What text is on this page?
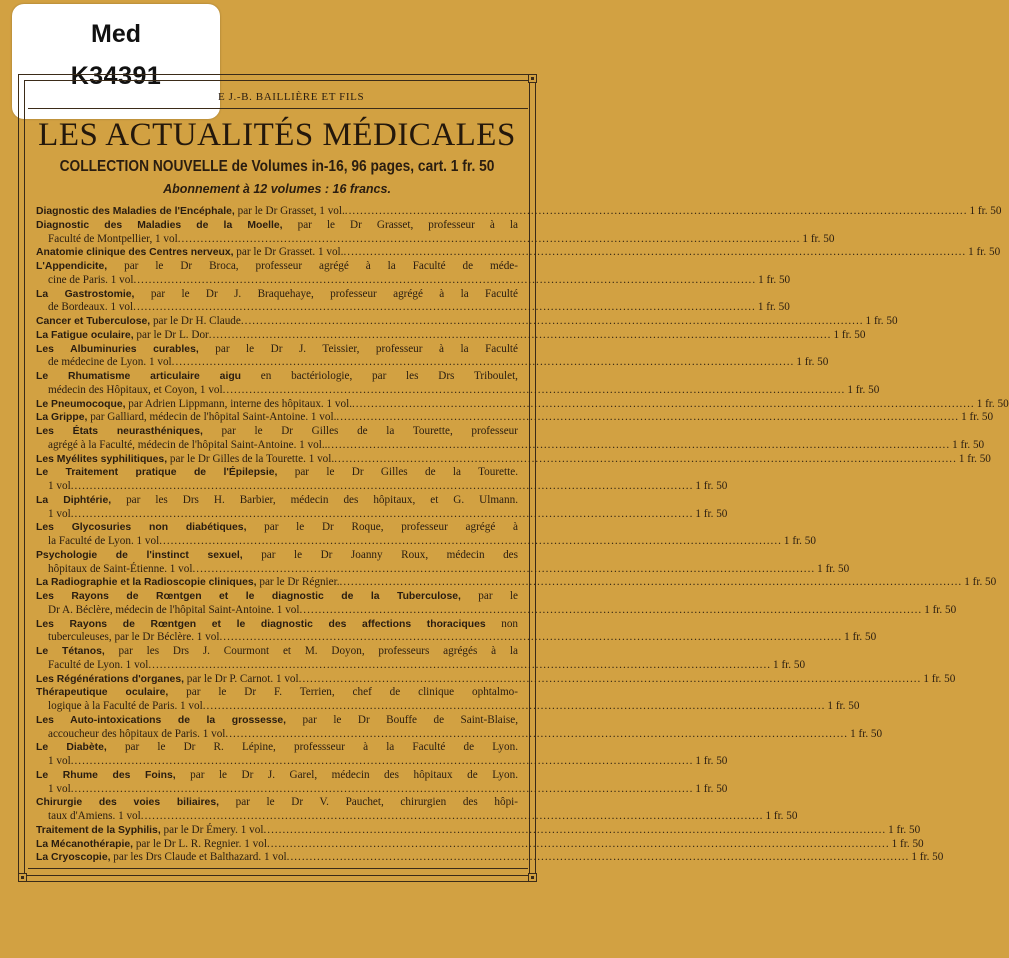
Med
K34391
E J.-B. BAILLIÈRE ET FILS
LES ACTUALITÉS MÉDICALES
COLLECTION NOUVELLE de Volumes in-16, 96 pages, cart. 1 fr. 50
Abonnement à 12 volumes : 16 francs.
Diagnostic des Maladies de l'Encéphale, par le Dr Grasset, 1 vol. .....	1 fr. 50
Diagnostic des Maladies de la Moelle, par le Dr Grasset, professeur à la
Faculté de Montpellier, 1 vol .....	1 fr. 50
Anatomie clinique des Centres nerveux, par le Dr Grasset. 1 vol. .....	1 fr. 50
L'Appendicite, par le Dr Broca, professeur agrégé à la Faculté de méde-
cine de Paris. 1 vol .....	1 fr. 50
La Gastrostomie, par le Dr J. Braquehaye, professeur agrégé à la Faculté
de Bordeaux. 1 vol .....	1 fr. 50
Cancer et Tuberculose, par le Dr H. Claude .....	1 fr. 50
La Fatigue oculaire, par le Dr L. Dor .....	1 fr. 50
Les Albuminuries curables, par le Dr J. Teissier, professeur à la Faculté
de médecine de Lyon. 1 vol .....	1 fr. 50
Le Rhumatisme articulaire aigu en bactériologie, par les Drs Triboulet,
médecin des Hôpitaux, et Coyon, 1 vol .....	1 fr. 50
Le Pneumocoque, par Adrien Lippmann, interne des hôpitaux. 1 vol. .....	1 fr. 50
La Grippe, par Galliard, médecin de l'hôpital Saint-Antoine. 1 vol. .....	1 fr. 50
Les États neurasthéniques, par le Dr Gilles de la Tourette, professeur
agrégé à la Faculté, médecin de l'hôpital Saint-Antoine. 1 vol.. .....	1 fr. 50
Les Myélites syphilitiques, par le Dr Gilles de la Tourette. 1 vol. .....	1 fr. 50
Le Traitement pratique de l'Épilepsie, par le Dr Gilles de la Tourette.
1 vol .....	1 fr. 50
La Diphtérie, par les Drs H. Barbier, médecin des hôpitaux, et G. Ulmann.
1 vol .....	1 fr. 50
Les Glycosuries non diabétiques, par le Dr Roque, professeur agrégé à
la Faculté de Lyon. 1 vol .....	1 fr. 50
Psychologie de l'instinct sexuel, par le Dr Joanny Roux, médecin des
hôpitaux de Saint-Étienne. 1 vol .....	1 fr. 50
La Radiographie et la Radioscopie cliniques, par le Dr Régnier. .....	1 fr. 50
Les Rayons de Rœntgen et le diagnostic de la Tuberculose, par le
Dr A. Béclère, médecin de l'hôpital Saint-Antoine. 1 vol .....	1 fr. 50
Les Rayons de Rœntgen et le diagnostic des affections thoraciques non
tuberculeuses, par le Dr Béclère. 1 vol .....	1 fr. 50
Le Tétanos, par les Drs J. Courmont et M. Doyon, professeurs agrégés à la
Faculté de Lyon. 1 vol .....	1 fr. 50
Les Régénérations d'organes, par le Dr P. Carnot. 1 vol .....	1 fr. 50
Thérapeutique oculaire, par le Dr F. Terrien, chef de clinique ophtalmo-
logique à la Faculté de Paris. 1 vol .....	1 fr. 50
Les Auto-intoxications de la grossesse, par le Dr Bouffe de Saint-Blaise,
accoucheur des hôpitaux de Paris. 1 vol .....	1 fr. 50
Le Diabète, par le Dr R. Lépine, professseur à la Faculté de Lyon.
1 vol .....	1 fr. 50
Le Rhume des Foins, par le Dr J. Garel, médecin des hôpitaux de Lyon.
1 vol .....	1 fr. 50
Chirurgie des voies biliaires, par le Dr V. Pauchet, chirurgien des hôpi-
taux d'Amiens. 1 vol .....	1 fr. 50
Traitement de la Syphilis, par le Dr Émery. 1 vol .....	1 fr. 50
La Mécanothérapie, par le Dr L. R. Regnier. 1 vol .....	1 fr. 50
La Cryoscopie, par les Drs Claude et Balthazard. 1 vol .....	1 fr. 50
